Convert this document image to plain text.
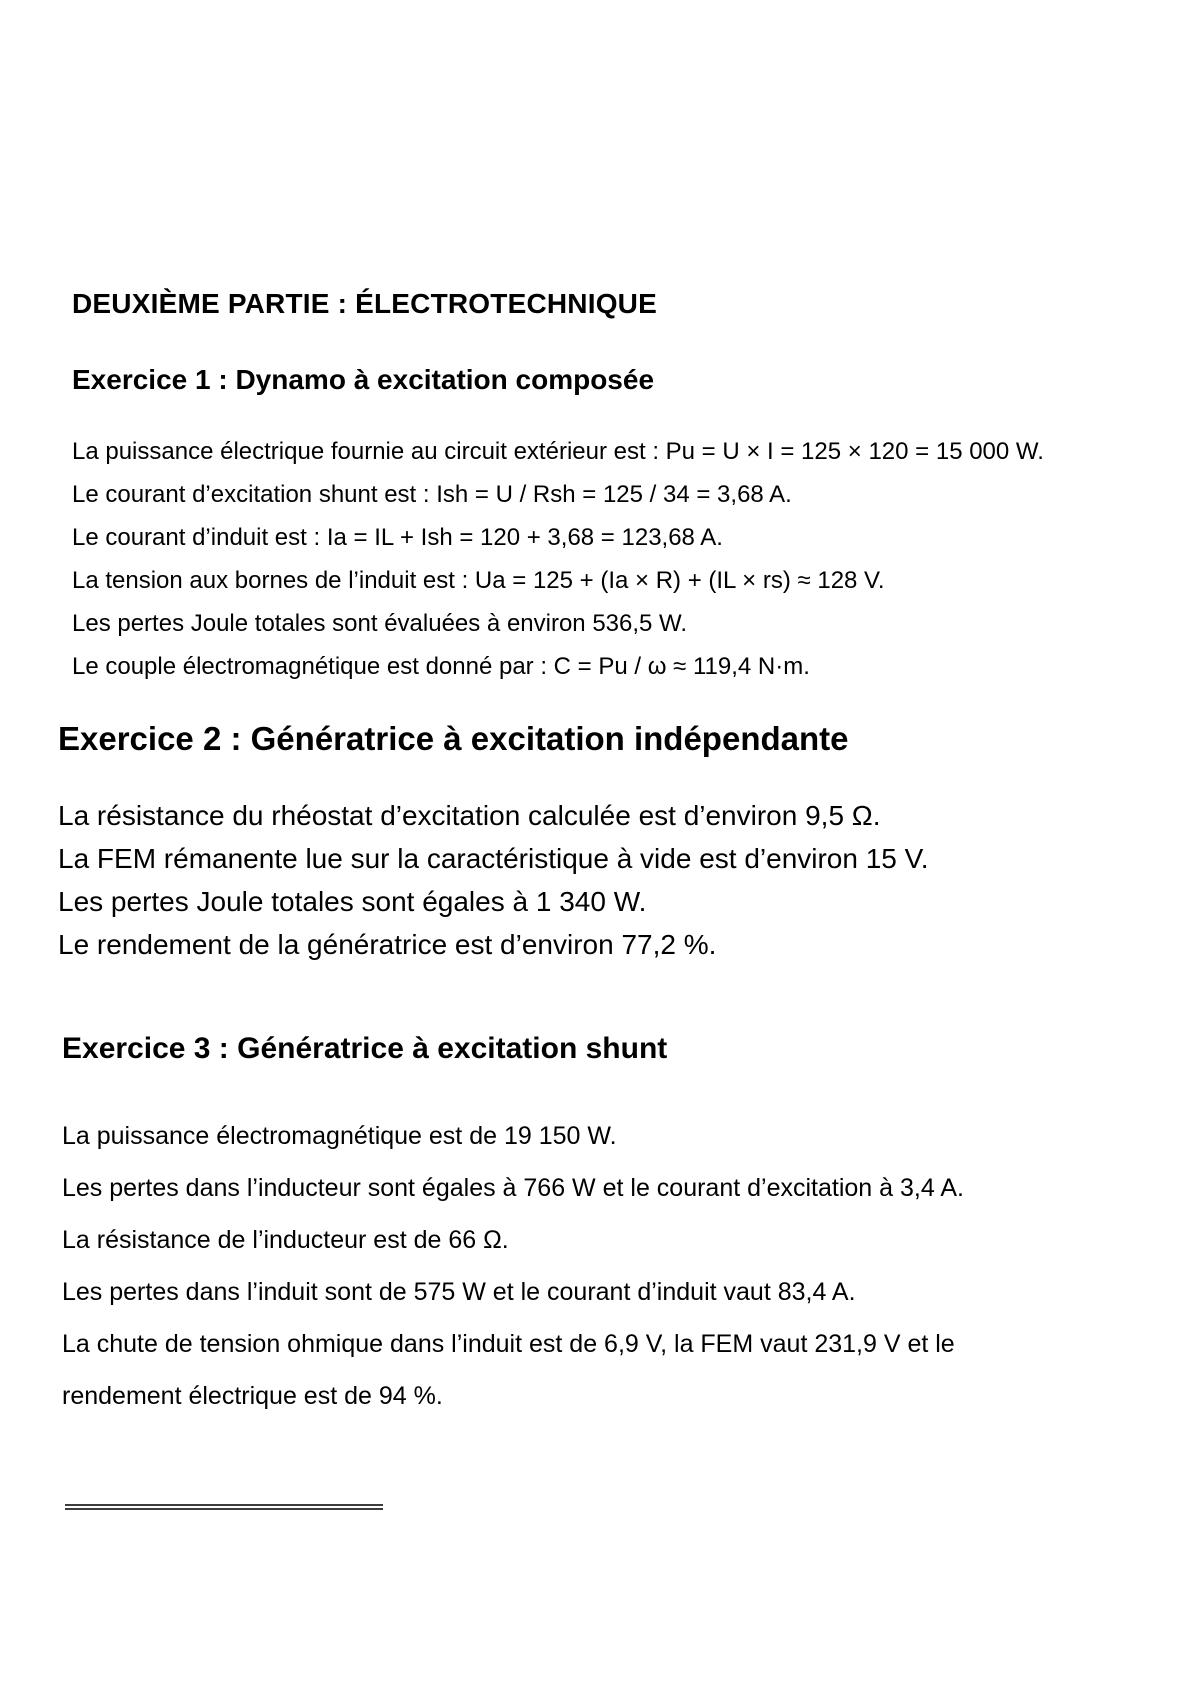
DEUXIÈME PARTIE : ÉLECTROTECHNIQUE
Exercice 1 : Dynamo à excitation composée

La puissance électrique fournie au circuit extérieur est : Pu = U × I = 125 × 120 = 15 000 W.

Le courant d’excitation shunt est : Ish = U / Rsh = 125 / 34 = 3,68 A.

Le courant d’induit est : Ia = IL + Ish = 120 + 3,68 = 123,68 A.

La tension aux bornes de l’induit est : Ua = 125 + (Ia × R) + (IL × rs) ≈ 128 V.

Les pertes Joule totales sont évaluées à environ 536,5 W.

Le couple électromagnétique est donné par : C = Pu / ω ≈ 119,4 N·m.

Exercice 2 : Génératrice à excitation indépendante

La résistance du rhéostat d’excitation calculée est d’environ 9,5 Ω.

La FEM rémanente lue sur la caractéristique à vide est d’environ 15 V.

Les pertes Joule totales sont égales à 1 340 W.

Le rendement de la génératrice est d’environ 77,2 %.

Exercice 3 : Génératrice à excitation shunt

La puissance électromagnétique est de 19 150 W.

Les pertes dans l’inducteur sont égales à 766 W et le courant d’excitation à 3,4 A.

La résistance de l’inducteur est de 66 Ω.

Les pertes dans l’induit sont de 575 W et le courant d’induit vaut 83,4 A.

La chute de tension ohmique dans l’induit est de 6,9 V, la FEM vaut 231,9 V et le rendement électrique est de 94 %.
